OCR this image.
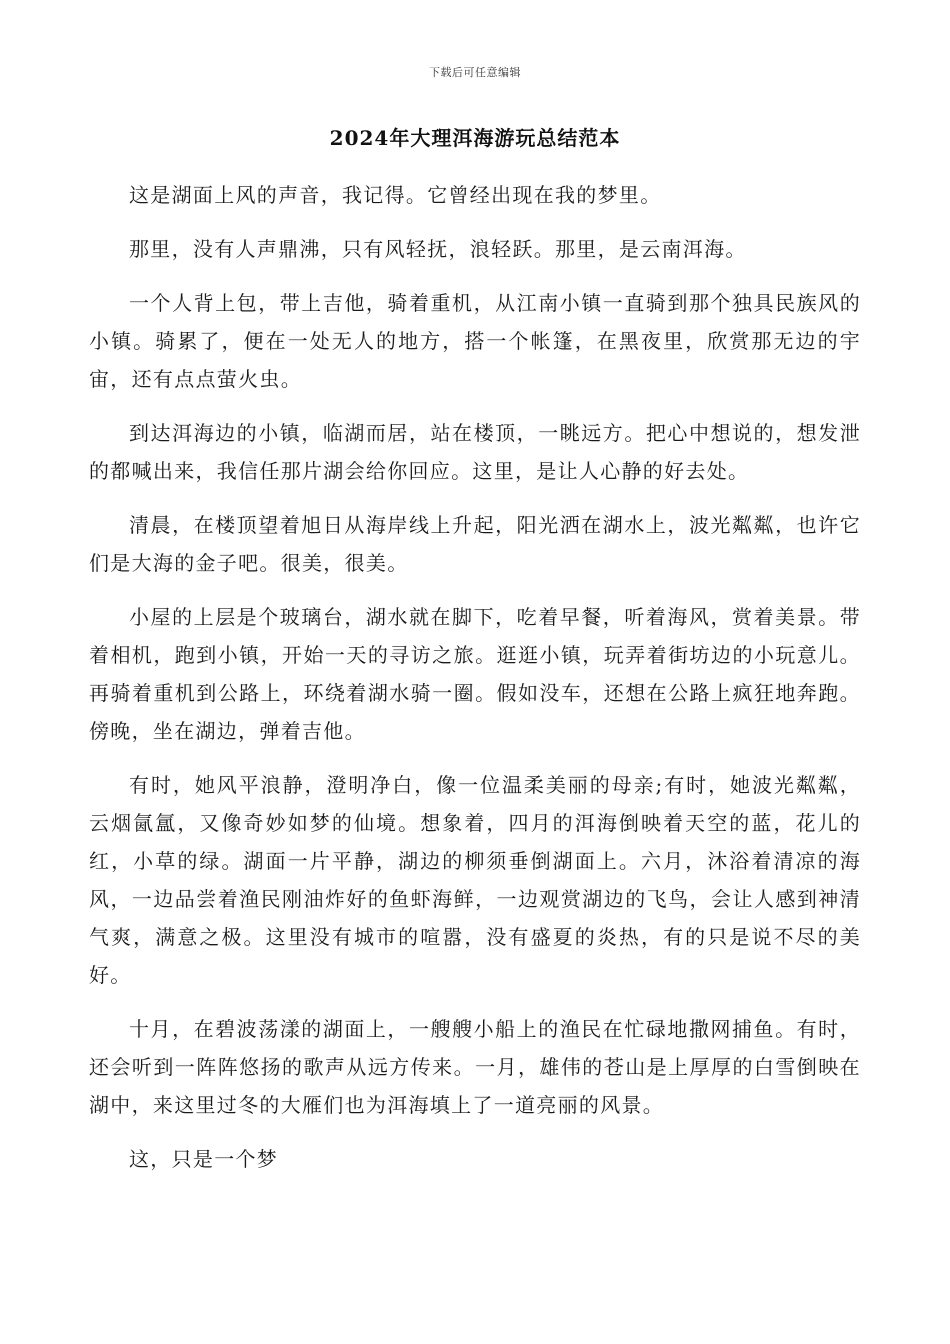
下载后可任意编辑
2024年大理洱海游玩总结范本

这是湖面上风的声音，我记得。它曾经出现在我的梦里。

那里，没有人声鼎沸，只有风轻抚，浪轻跃。那里，是云南洱海。

一个人背上包，带上吉他，骑着重机，从江南小镇一直骑到那个独具民族风的小镇。骑累了，便在一处无人的地方，搭一个帐篷，在黑夜里，欣赏那无边的宇宙，还有点点萤火虫。

到达洱海边的小镇，临湖而居，站在楼顶，一眺远方。把心中想说的，想发泄的都喊出来，我信任那片湖会给你回应。这里，是让人心静的好去处。

清晨，在楼顶望着旭日从海岸线上升起，阳光洒在湖水上，波光粼粼，也许它们是大海的金子吧。很美，很美。

小屋的上层是个玻璃台，湖水就在脚下，吃着早餐，听着海风，赏着美景。带着相机，跑到小镇，开始一天的寻访之旅。逛逛小镇，玩弄着街坊边的小玩意儿。再骑着重机到公路上，环绕着湖水骑一圈。假如没车，还想在公路上疯狂地奔跑。傍晚，坐在湖边，弹着吉他。

有时，她风平浪静，澄明净白，像一位温柔美丽的母亲;有时，她波光粼粼，云烟氤氲，又像奇妙如梦的仙境。想象着，四月的洱海倒映着天空的蓝，花儿的红，小草的绿。湖面一片平静，湖边的柳须垂倒湖面上。六月，沐浴着清凉的海风，一边品尝着渔民刚油炸好的鱼虾海鲜，一边观赏湖边的飞鸟，会让人感到神清气爽，满意之极。这里没有城市的喧嚣，没有盛夏的炎热，有的只是说不尽的美好。

十月，在碧波荡漾的湖面上，一艘艘小船上的渔民在忙碌地撒网捕鱼。有时，还会听到一阵阵悠扬的歌声从远方传来。一月，雄伟的苍山是上厚厚的白雪倒映在湖中，来这里过冬的大雁们也为洱海填上了一道亮丽的风景。

这，只是一个梦
